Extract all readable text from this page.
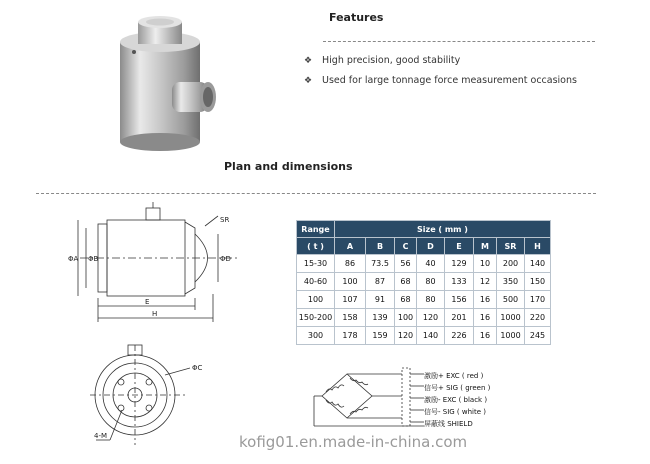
Features
❖	High precision, good stability
❖	Used for large tonnage force measurement occasions
Plan and dimensions
SR
ΦA ΦB	ΦD
E
H
ΦC
4-M
Range	Size ( mm )							
( t )	A	B	C	D	E	M	SR	H
15-30	86	73.5	56	40	129	10	200	140
40-60	100	87	68	80	133	12	350	150
100	107	91	68	80	156	16	500	170
150-200	158	139	100	120	201	16	1000	220
300	178	159	120	140	226	16	1000	245
激励+ EXC ( red )
信号+ SIG ( green )
激励- EXC ( black )
信号- SIG ( white )
屏蔽线 SHIELD
kofig01.en.made-in-china.com
